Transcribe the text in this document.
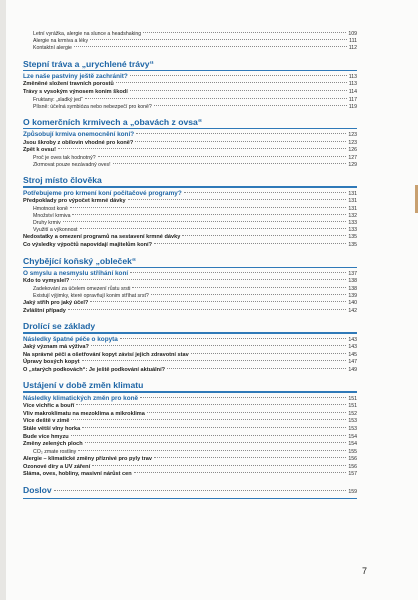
Letní vyrážka, alergie na slunce a headshaking	109
Alergie na krmiva a léky	111
Kontaktní alergie	112
Stepní tráva a „urychlené trávy“
Lze naše pastviny ještě zachránit?	113
Změněné složení travních porostů	113
Trávy s vysokým výnosem konim škodí	114
Fruktany: „sladký jed“	117
Plísně: účelná symbióza nebo nebezpečí pro koně?	119
O komerčních krmivech a „obavách z ovsa“
Způsobují krmiva onemocnění koní?	123
Jsou škroby z obilovin vhodné pro koně?	123
Zpět k ovsu!	126
Proč je oves tak hodnotný?	127
Zkrmovat pouze nezávadný oves!	129
Stroj místo člověka
Potřebujeme pro krmení koní počítačové programy?	131
Předpoklady pro výpočet krmné dávky	131
Hmotnost koně	131
Množství krmiva	132
Druhy krmiv	133
Využití a výkonnost	133
Nedostatky a omezení programů na sestavení krmné dávky	135
Co výsledky výpočtů napovídají majitelům koní?	135
Chybějící koňský „obleček“
O smyslu a nesmyslu stříhání koní	137
Kdo to vymyslel?	138
Zadekování za účelem omezení růstu srsti	138
Existují výjimky, které opravňují konim stříhat srst?	139
Jaký střih pro jaký účel?	140
Zvláštní případy	142
Drolící se základy
Následky špatné péče o kopyta	143
Jaký význam má výživa?	143
Na správné péči a ošetřování kopyt závisí jejich zdravotní stav	145
Úpravy bosých kopyt	147
O „starých podkovách“: Je ještě podkování aktuální?	149
Ustájení v době změn klimatu
Následky klimatických změn pro koně	151
Více vichřic a bouří	151
Vliv makroklimatu na mezoklima a mikroklima	152
Více deště v zimě	153
Stále větší vlny horka	153
Bude více hmyzu	154
Změny zelených ploch	154
CO₂ zmate rostliny	155
Alergie – klimatické změny příznivé pro pyly trav	156
Ozonové díry a UV záření	156
Sláma, oves, hobliny, masivní nárůst cen	157
Doslov	159
7
